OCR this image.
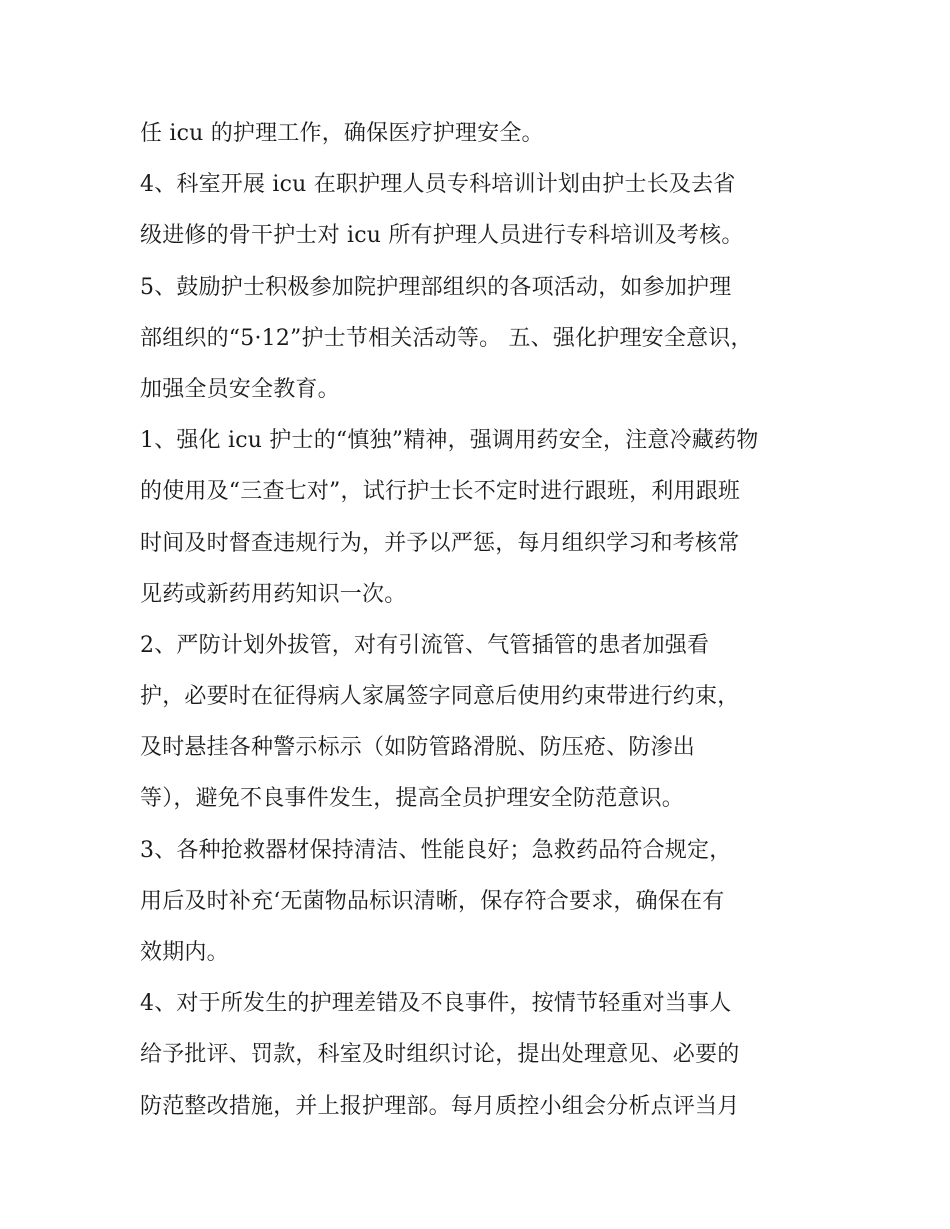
任 icu 的护理工作，确保医疗护理安全。
4、科室开展 icu 在职护理人员专科培训计划由护士长及去省
级进修的骨干护士对 icu 所有护理人员进行专科培训及考核。
5、鼓励护士积极参加院护理部组织的各项活动，如参加护理
部组织的“5·12”护士节相关活动等。 五、强化护理安全意识，
加强全员安全教育。
1、强化 icu 护士的“慎独”精神，强调用药安全，注意冷藏药物
的使用及“三查七对”，试行护士长不定时进行跟班，利用跟班
时间及时督查违规行为，并予以严惩，每月组织学习和考核常
见药或新药用药知识一次。
2、严防计划外拔管，对有引流管、气管插管的患者加强看
护，必要时在征得病人家属签字同意后使用约束带进行约束，
及时悬挂各种警示标示（如防管路滑脱、防压疮、防渗出
等），避免不良事件发生，提高全员护理安全防范意识。
3、各种抢救器材保持清洁、性能良好；急救药品符合规定，
用后及时补充‘无菌物品标识清晰，保存符合要求，确保在有
效期内。
4、对于所发生的护理差错及不良事件，按情节轻重对当事人
给予批评、罚款，科室及时组织讨论，提出处理意见、必要的
防范整改措施，并上报护理部。每月质控小组会分析点评当月
